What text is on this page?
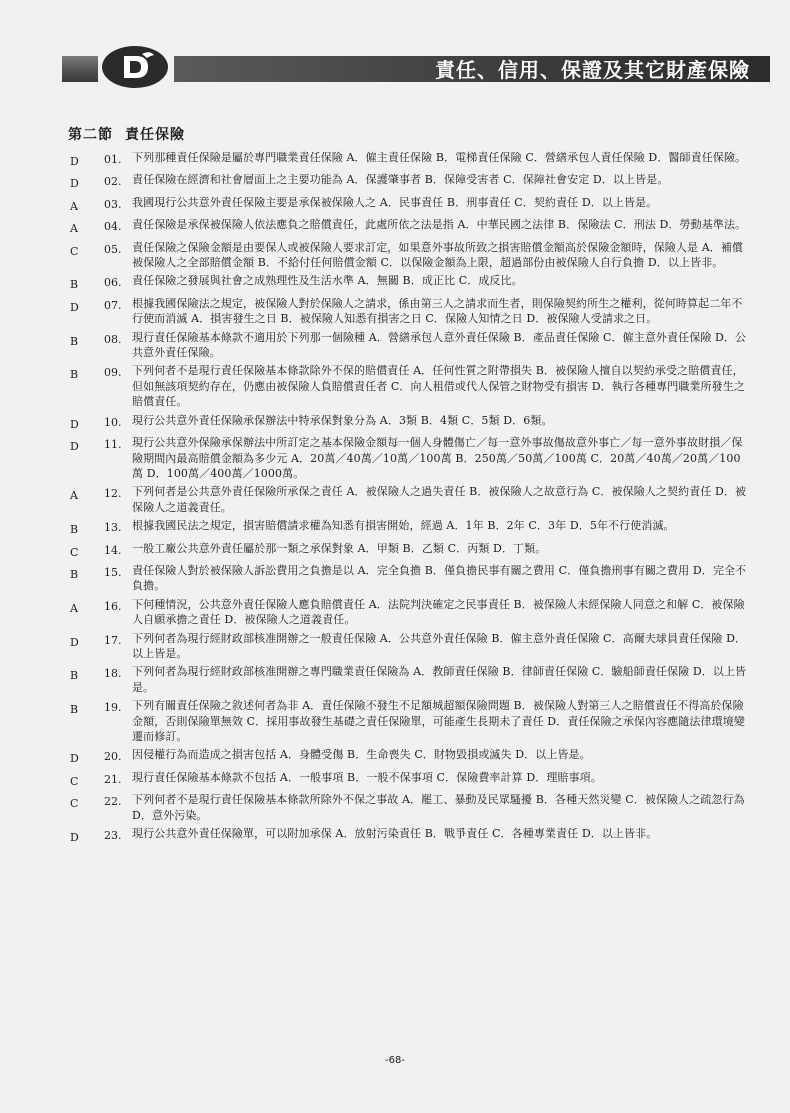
責任、信用、保證及其它財產保險
第二節 責任保險
D	01. 下列那種責任保險是屬於專門職業責任保險 A．僱主責任保險 B．電梯責任保險 C．營繕承包人責任保險 D．醫師責任保險。
D	02. 責任保險在經濟和社會層面上之主要功能為 A．保護肇事者 B．保障受害者 C．保障社會安定 D．以上皆是。
A	03. 我國現行公共意外責任保險主要是承保被保險人之 A．民事責任 B．刑事責任 C．契約責任 D．以上皆是。
A	04. 責任保險是承保被保險人依法應負之賠償責任，此處所依之法是指 A．中華民國之法律 B．保險法 C．刑法 D．勞動基準法。
C	05. 責任保險之保險金額是由要保人或被保險人要求訂定，如果意外事故所致之損害賠償金額高於保險金額時，保險人是 A．補償被保險人之全部賠償金額 B．不給付任何賠償金額 C．以保險金額為上限，超過部份由被保險人自行負擔 D．以上皆非。
B	06. 責任保險之發展與社會之成熟理性及生活水準 A．無關 B．成正比 C．成反比。
D	07. 根據我國保險法之規定，被保險人對於保險人之請求，係由第三人之請求而生者，則保險契約所生之權利，從何時算起二年不行使而消滅 A．損害發生之日 B．被保險人知悉有損害之日 C．保險人知情之日 D．被保險人受請求之日。
B	08. 現行責任保險基本條款不適用於下列那一個險種 A．營繕承包人意外責任保險 B．產品責任保險 C．僱主意外責任保險 D．公共意外責任保險。
B	09. 下列何者不是現行責任保險基本條款除外不保的賠償責任 A．任何性質之附帶損失 B．被保險人擅自以契約承受之賠償責任，但如無該項契約存在，仍應由被保險人負賠償責任者 C．向人租借或代人保管之財物受有損害 D．執行各種專門職業所發生之賠償責任。
D	10. 現行公共意外責任保險承保辦法中特承保對象分為 A．3類 B．4類 C．5類 D．6類。
D	11. 現行公共意外保險承保辦法中所訂定之基本保險金額每一個人身體傷亡／每一意外事故傷故意外事亡／每一意外事故財損／保險期間內最高賠償金額為多少元 A．20萬／40萬／10萬／100萬 B．250萬／50萬／100萬 C．20萬／40萬／20萬／100萬 D．100萬／400萬／1000萬。
A	12. 下列何者是公共意外責任保險所承保之責任 A．被保險人之過失責任 B．被保險人之故意行為 C．被保險人之契約責任 D．被保險人之道義責任。
B	13. 根據我國民法之規定，損害賠償請求權為知悉有損害開始，經過 A．1年 B．2年 C．3年 D．5年不行使消滅。
C	14. 一般工廠公共意外責任屬於那一類之承保對象 A．甲類 B．乙類 C．丙類 D．丁類。
B	15. 責任保險人對於被保險人訴訟費用之負擔是以 A．完全負擔 B．僅負擔民事有關之費用 C．僅負擔刑事有關之費用 D．完全不負擔。
A	16. 下何種情況，公共意外責任保險人應負賠償責任 A．法院判決確定之民事責任 B．被保險人未經保險人同意之和解 C．被保險人自願承擔之責任 D．被保險人之道義責任。
D	17. 下列何者為現行經財政部核准開辦之一般責任保險 A．公共意外責任保險 B．僱主意外責任保險 C．高爾夫球員責任保險 D．以上皆是。
B	18. 下列何者為現行經財政部核准開辦之專門職業責任保險為 A．教師責任保險 B．律師責任保險 C．驗船師責任保險 D．以上皆是。
B	19. 下列有關責任保險之敘述何者為非 A．責任保險不發生不足額城超額保險問題 B．被保險人對第三人之賠償責任不得高於保險金額，否則保險單無效 C．採用事故發生基礎之責任保險單，可能產生長期未了責任 D．責任保險之承保內容應隨法律環境變遷而修訂。
D	20. 因侵權行為而造成之損害包括 A．身體受傷 B．生命喪失 C．財物毀損或滅失 D．以上皆是。
C	21. 現行責任保險基本條款不包括 A．一般事項 B．一般不保事項 C．保險費率計算 D．理賠事項。
C	22. 下列何者不是現行責任保險基本條款所除外不保之事故 A．罷工、暴動及民眾騷擾 B．各種天然災變 C．被保險人之疏忽行為 D．意外污染。
D	23. 現行公共意外責任保險單，可以附加承保 A．放射污染責任 B．戰爭責任 C．各種專業責任 D．以上皆非。
-68-
